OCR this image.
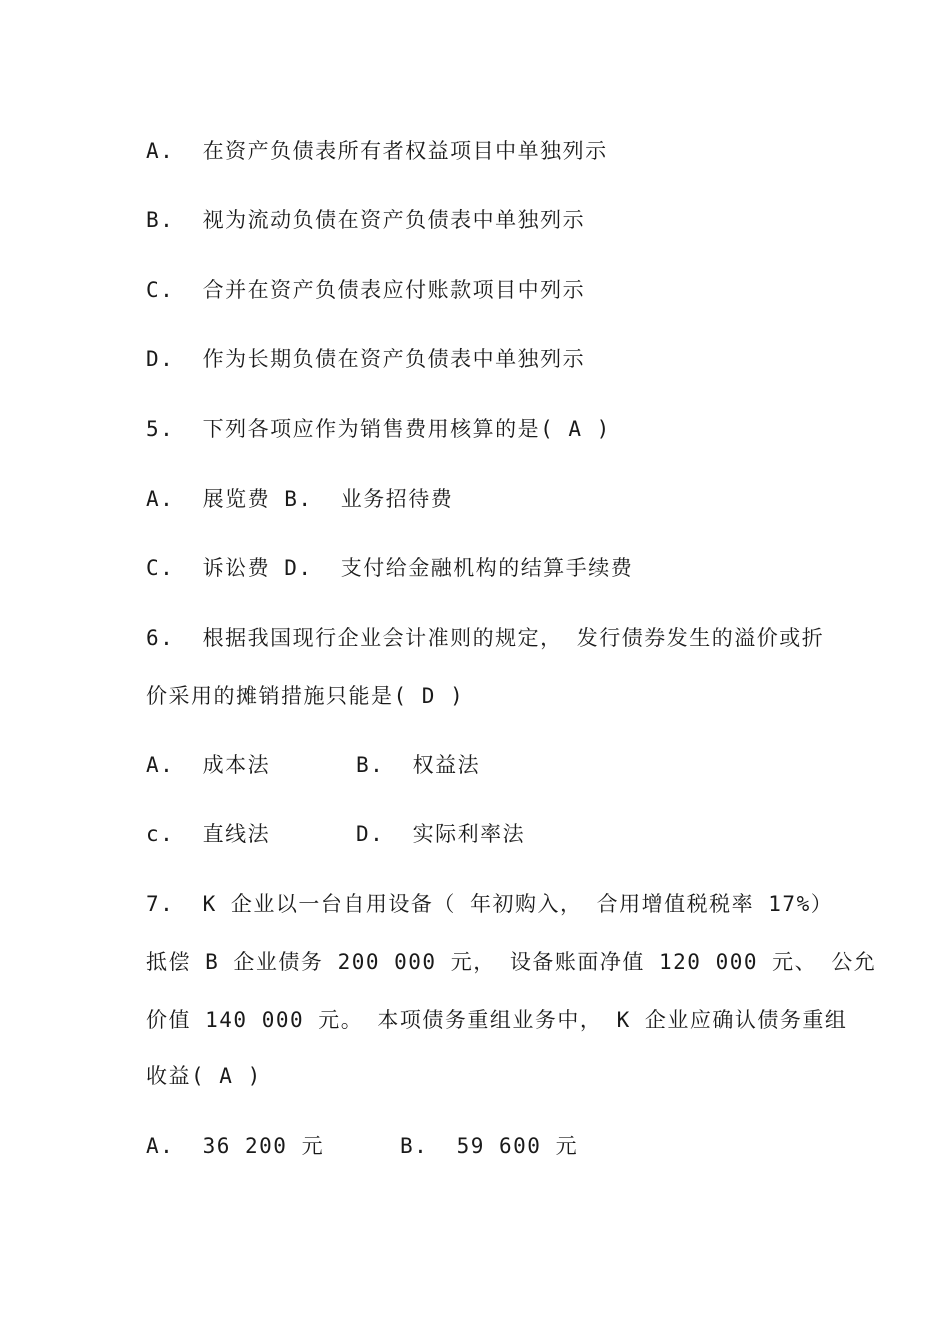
A.  在资产负债表所有者权益项目中单独列示
B.  视为流动负债在资产负债表中单独列示
C.  合并在资产负债表应付账款项目中列示
D.  作为长期负债在资产负债表中单独列示
5.  下列各项应作为销售费用核算的是( A )
A.  展览费 B.  业务招待费
C.  诉讼费 D.  支付给金融机构的结算手续费
6.  根据我国现行企业会计准则的规定， 发行债券发生的溢价或折
价采用的摊销措施只能是( D )
A.  成本法	B.  权益法
c.  直线法	D.  实际利率法
7.  K 企业以一台自用设备（ 年初购入， 合用增值税税率 17%）
抵偿 B 企业债务 200 000 元， 设备账面净值 120 000 元、 公允
价值 140 000 元。 本项债务重组业务中， K 企业应确认债务重组
收益( A )
A.  36 200 元	B.  59 600 元
